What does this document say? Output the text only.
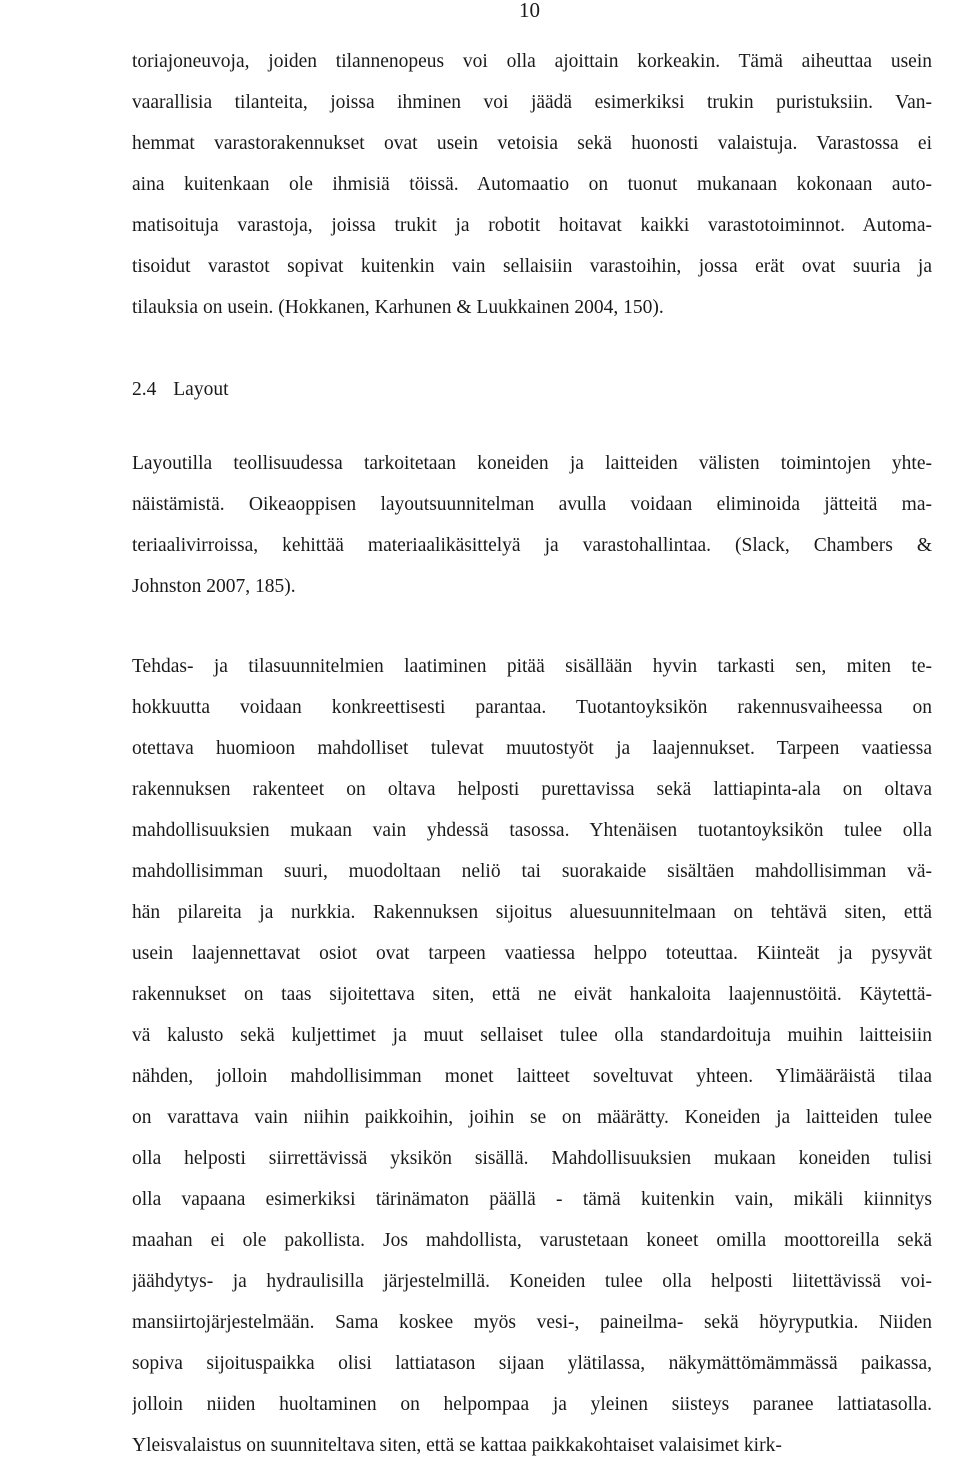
10
toriajoneuvoja, joiden tilannenopeus voi olla ajoittain korkeakin. Tämä aiheuttaa usein
vaarallisia tilanteita, joissa ihminen voi jäädä esimerkiksi trukin puristuksiin. Van-
hemmat varastorakennukset ovat usein vetoisia sekä huonosti valaistuja. Varastossa ei
aina kuitenkaan ole ihmisiä töissä. Automaatio on tuonut mukanaan kokonaan auto-
matisoituja varastoja, joissa trukit ja robotit hoitavat kaikki varastotoiminnot. Automa-
tisoidut varastot sopivat kuitenkin vain sellaisiin varastoihin, jossa erät ovat suuria ja
tilauksia on usein. (Hokkanen, Karhunen & Luukkainen 2004, 150).
2.4 Layout
Layoutilla teollisuudessa tarkoitetaan koneiden ja laitteiden välisten toimintojen yhte-
näistämistä. Oikeaoppisen layoutsuunnitelman avulla voidaan eliminoida jätteitä ma-
teriaalivirroissa, kehittää materiaalikäsittelyä ja varastohallintaa. (Slack, Chambers &
Johnston 2007, 185).
Tehdas- ja tilasuunnitelmien laatiminen pitää sisällään hyvin tarkasti sen, miten te-
hokkuutta voidaan konkreettisesti parantaa. Tuotantoyksikön rakennusvaiheessa on
otettava huomioon mahdolliset tulevat muutostyöt ja laajennukset. Tarpeen vaatiessa
rakennuksen rakenteet on oltava helposti purettavissa sekä lattiapinta-ala on oltava
mahdollisuuksien mukaan vain yhdessä tasossa. Yhtenäisen tuotantoyksikön tulee olla
mahdollisimman suuri, muodoltaan neliö tai suorakaide sisältäen mahdollisimman vä-
hän pilareita ja nurkkia. Rakennuksen sijoitus aluesuunnitelmaan on tehtävä siten, että
usein laajennettavat osiot ovat tarpeen vaatiessa helppo toteuttaa. Kiinteät ja pysyvät
rakennukset on taas sijoitettava siten, että ne eivät hankaloita laajennustöitä. Käytettä-
vä kalusto sekä kuljettimet ja muut sellaiset tulee olla standardoituja muihin laitteisiin
nähden, jolloin mahdollisimman monet laitteet soveltuvat yhteen. Ylimääräistä tilaa
on varattava vain niihin paikkoihin, joihin se on määrätty. Koneiden ja laitteiden tulee
olla helposti siirrettävissä yksikön sisällä. Mahdollisuuksien mukaan koneiden tulisi
olla vapaana esimerkiksi tärinämaton päällä - tämä kuitenkin vain, mikäli kiinnitys
maahan ei ole pakollista. Jos mahdollista, varustetaan koneet omilla moottoreilla sekä
jäähdytys- ja hydraulisilla järjestelmillä. Koneiden tulee olla helposti liitettävissä voi-
mansiirtojärjestelmään. Sama koskee myös vesi-, paineilma- sekä höyryputkia. Niiden
sopiva sijoituspaikka olisi lattiatason sijaan ylätilassa, näkymättömämmässä paikassa,
jolloin niiden huoltaminen on helpompaa ja yleinen siisteys paranee lattiatasolla.
Yleisvalaistus on suunniteltava siten, että se kattaa paikkakohtaiset valaisimet kirk-
